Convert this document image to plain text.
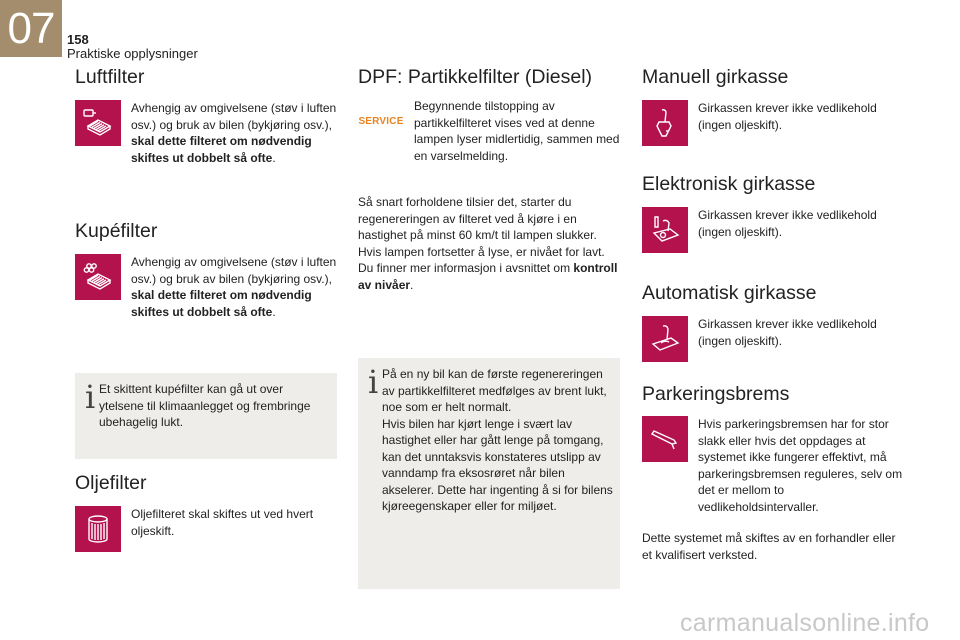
07 158
Praktiske opplysninger
Luftfilter
Avhengig av omgivelsene (støv i luften osv.) og bruk av bilen (bykjøring osv.), skal dette filteret om nødvendig skiftes ut dobbelt så ofte.
Kupéfilter
Avhengig av omgivelsene (støv i luften osv.) og bruk av bilen (bykjøring osv.), skal dette filteret om nødvendig skiftes ut dobbelt så ofte.
i Et skittent kupéfilter kan gå ut over ytelsene til klimaanlegget og frembringe ubehagelig lukt.
Oljefilter
Oljefilteret skal skiftes ut ved hvert oljeskift.
DPF: Partikkelfilter (Diesel)
SERVICE
Begynnende tilstopping av partikkelfilteret vises ved at denne lampen lyser midlertidig, sammen med en varselmelding.
Så snart forholdene tilsier det, starter du regenereringen av filteret ved å kjøre i en hastighet på minst 60 km/t til lampen slukker. Hvis lampen fortsetter å lyse, er nivået for lavt. Du finner mer informasjon i avsnittet om kontroll av nivåer.
i På en ny bil kan de første regenereringen av partikkelfilteret medfølges av brent lukt, noe som er helt normalt.
Hvis bilen har kjørt lenge i svært lav hastighet eller har gått lenge på tomgang, kan det unntaksvis konstateres utslipp av vanndamp fra eksosrøret når bilen akselerer. Dette har ingenting å si for bilens kjøreegenskaper eller for miljøet.
Manuell girkasse
Girkassen krever ikke vedlikehold (ingen oljeskift).
Elektronisk girkasse
Girkassen krever ikke vedlikehold (ingen oljeskift).
Automatisk girkasse
Girkassen krever ikke vedlikehold (ingen oljeskift).
Parkeringsbrems
Hvis parkeringsbremsen har for stor slakk eller hvis det oppdages at systemet ikke fungerer effektivt, må parkeringsbremsen reguleres, selv om det er mellom to vedlikeholdsintervaller.
Dette systemet må skiftes av en forhandler eller et kvalifisert verksted.
carmanualsonline.info
